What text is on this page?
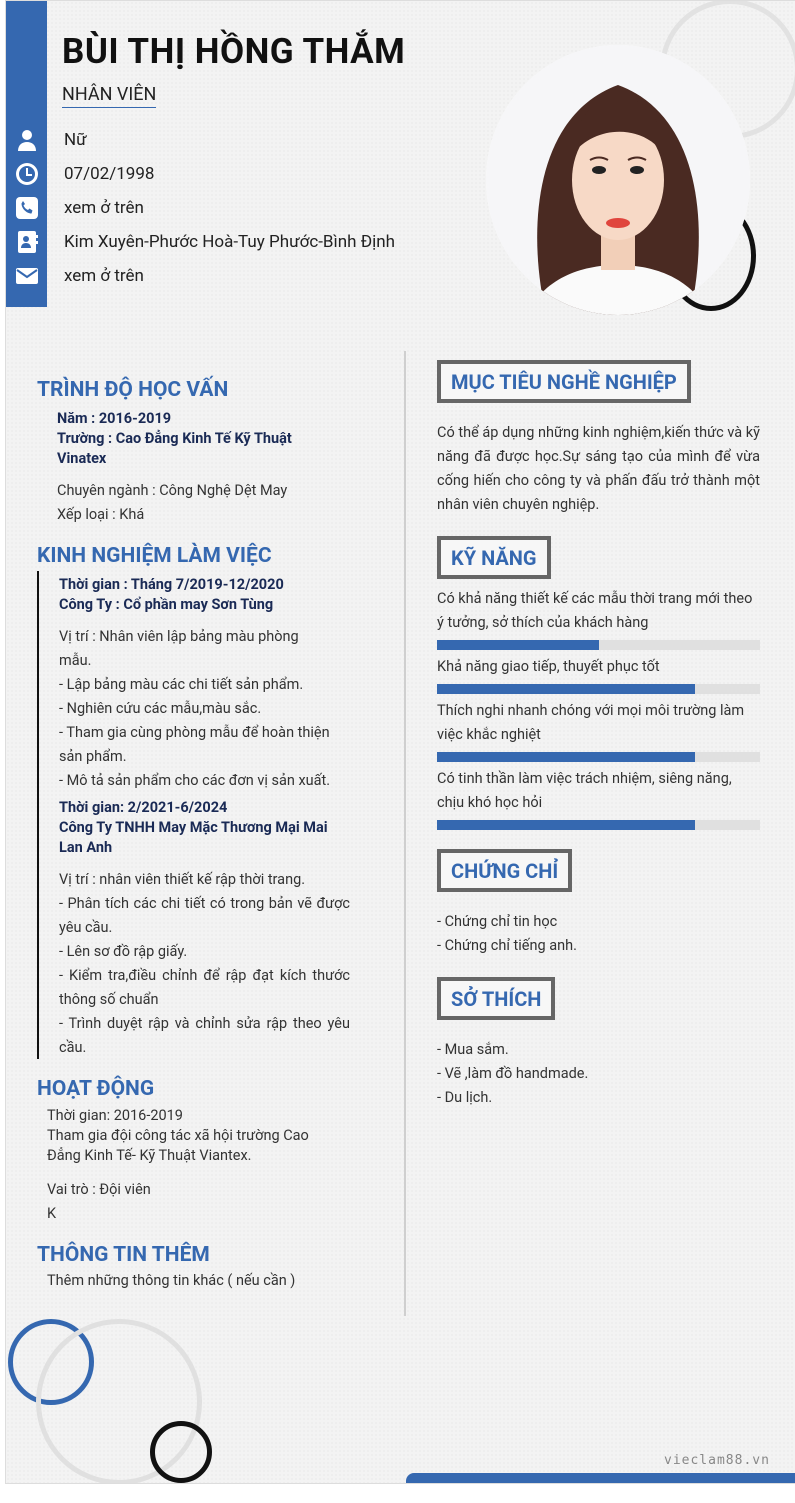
BÙI THỊ HỒNG THẮM
NHÂN VIÊN
Nữ
07/02/1998
xem ở trên
Kim Xuyên-Phước Hoà-Tuy Phước-Bình Định
xem ở trên
TRÌNH ĐỘ HỌC VẤN
Năm : 2016-2019
Trường : Cao Đẳng Kinh Tế Kỹ Thuật Vinatex
Chuyên ngành : Công Nghệ Dệt May
Xếp loại : Khá
KINH NGHIỆM LÀM VIỆC
Thời gian : Tháng 7/2019-12/2020
Công Ty : Cổ phần may Sơn Tùng
Vị trí : Nhân viên lập bảng màu phòng mẫu.
- Lập bảng màu các chi tiết sản phẩm.
- Nghiên cứu các mẫu,màu sắc.
- Tham gia cùng phòng mẫu để hoàn thiện sản phẩm.
- Mô tả sản phẩm cho các đơn vị sản xuất.
Thời gian: 2/2021-6/2024
Công Ty TNHH May Mặc Thương Mại Mai Lan Anh
Vị trí : nhân viên thiết kế rập thời trang.
- Phân tích các chi tiết có trong bản vẽ được yêu cầu.
- Lên sơ đồ rập giấy.
- Kiểm tra,điều chỉnh để rập đạt kích thước thông số chuẩn
- Trình duyệt rập và chỉnh sửa rập theo yêu cầu.
HOẠT ĐỘNG
Thời gian: 2016-2019
Tham gia đội công tác xã hội trường Cao Đẳng Kinh Tế- Kỹ Thuật Viantex.
Vai trò : Đội viên
K
THÔNG TIN THÊM
Thêm những thông tin khác ( nếu cần )
MỤC TIÊU NGHỀ NGHIỆP
Có thể áp dụng những kinh nghiệm,kiến thức và kỹ năng đã được học.Sự sáng tạo của mình để vừa cống hiến cho công ty và phấn đấu trở thành một nhân viên chuyên nghiệp.
KỸ NĂNG
Có khả năng thiết kế các mẫu thời trang mới theo ý tưởng, sở thích của khách hàng
Khả năng giao tiếp, thuyết phục tốt
Thích nghi nhanh chóng với mọi môi trường làm việc khắc nghiệt
Có tinh thần làm việc trách nhiệm, siêng năng, chịu khó học hỏi
CHỨNG CHỈ
- Chứng chỉ tin học
- Chứng chỉ tiếng anh.
SỞ THÍCH
- Mua sắm.
- Vẽ ,làm đồ handmade.
- Du lịch.
vieclam88.vn
